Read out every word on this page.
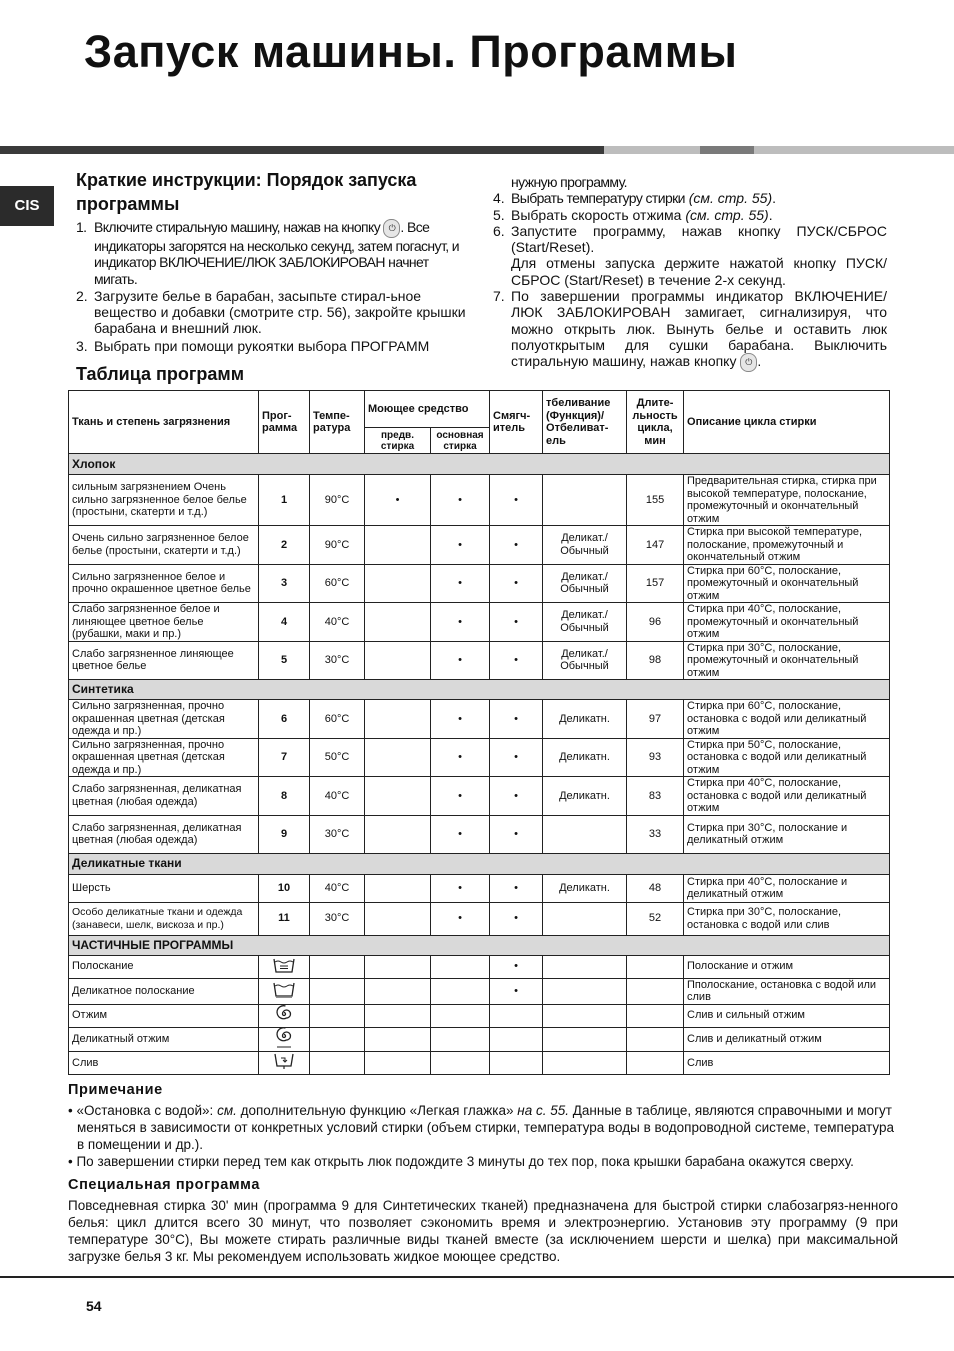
Запуск машины. Программы
CIS
Краткие инструкции: Порядок запуска программы
1. Включите стиральную машину, нажав на кнопку ⏻ . Все индикаторы загорятся на несколько секунд, затем погаснут, и индикатор ВКЛЮЧЕНИЕ/ЛЮК ЗАБЛОКИРОВАН начнет мигать.
2. Загрузите белье в барабан, засыпьте стирал-ьное вещество и добавки (смотрите стр. 56), закройте крышки барабана и внешний люк.
3. Выбрать при помощи рукоятки выбора ПРОГРАММ
Таблица программ
нужную программу.
4. Выбрать температуру стирки (см. стр. 55).
5. Выбрать скорость отжима (см. стр. 55).
6. Запустите программу, нажав кнопку ПУСК/СБРОС (Start/Reset).
Для отмены запуска держите нажатой кнопку ПУСК/ СБРОС (Start/Reset) в течение 2-х секунд.
7. По завершении программы индикатор ВКЛЮЧЕНИЕ/ ЛЮК ЗАБЛОКИРОВАН замигает, сигнализируя, что можно открыть люк. Вынуть белье и оставить люк полуоткрытым для сушки барабана. Выключить стиральную машину, нажав кнопку ⏻ .
Ткань и степень загрязнения	Прог-рамма	Темпе-ратура	Моющее средство		Смягч-итель	тбеливание (Функция)/ Отбеливат-ель	Длите-льность цикла, мин	Описание цикла стирки
			предв. стирка	основная стирка				
Хлопок								
сильным загрязнением Очень сильно загрязненное белое белье (простыни, скатерти и т.д.)	1	90°C	•	•	•		155	Предварительная стирка, стирка при высокой температуре, полоскание, промежуточный и окончательный отжим
Очень сильно загрязненное белое белье (простыни, скатерти и т.д.)	2	90°C		•	•	Деликат./ Обычный	147	Стирка при высокой температуре, полоскание, промежуточный и окончательный отжим
Сильно загрязненное белое и прочно окрашенное цветное белье	3	60°C		•	•	Деликат./ Обычный	157	Стирка при 60°C, полоскание, промежуточный и окончательный отжим
Слабо загрязненное белое и линяющее цветное белье (рубашки, маки и пр.)	4	40°C		•	•	Деликат./ Обычный	96	Стирка при 40°C, полоскание, промежуточный и окончательный отжим
Слабо загрязненное линяющее цветное белье	5	30°C		•	•	Деликат./ Обычный	98	Стирка при 30°C, полоскание, промежуточный и окончательный отжим
Синтетика								
Сильно загрязненная, прочно окрашенная цветная (детская одежда и пр.)	6	60°C		•	•	Деликатн.	97	Стирка при 60°C, полоскание, остановка с водой или деликатный отжим
Сильно загрязненная, прочно окрашенная цветная (детская одежда и пр.)	7	50°C		•	•	Деликатн.	93	Стирка при 50°C, полоскание, остановка с водой или деликатный отжим
Слабо загрязненная, деликатная цветная (любая одежда)	8	40°C		•	•	Деликатн.	83	Стирка при 40°C, полоскание, остановка с водой или деликатный отжим
Слабо загрязненная, деликатная цветная (любая одежда)	9	30°C		•	•		33	Стирка при 30°C, полоскание и деликатный отжим
Деликатные ткани								
Шерсть	10	40°C		•	•	Деликатн.	48	Стирка при 40°C, полоскание и деликатный отжим
Особо деликатные ткани и одежда (занавеси, шелк, вискоза и пр.)	11	30°C		•	•		52	Стирка при 30°C, полоскание, остановка с водой или слив
ЧАСТИЧНЫЕ ПРОГРАММЫ								
Полоскание					•			Полоскание и отжим
Деликатное полоскание					•			Пполоскание, остановка с водой или слив
Отжим								Слив и сильный отжим
Деликатный отжим								Слив и деликатный отжим
Слив								Слив
Примечание

• «Остановка с водой»: см. дополнительную функцию «Легкая глажка» на с. 55. Данные в таблице, являются справочными и могут меняться в зависимости от конкретных условий стирки (объем стирки, температура воды в водопроводной системе, температура в помещении и др.).

• По завершении стирки перед тем как открыть люк подождите 3 минуты до тех пор, пока крышки барабана окажутся сверху.

Специальная программа

Повседневная стирка 30' мин (программа 9 для Синтетических тканей) предназначена для быстрой стирки слабозагряз-ненного белья: цикл длится всего 30 минут, что позволяет сэкономить время и электроэнергию. Установив эту программу (9 при температуре 30°C), Вы можете стирать различные виды тканей вместе (за исключением шерсти и шелка) при максимальной загрузке белья 3 кг. Мы рекомендуем использовать жидкое моющее средство.

54
